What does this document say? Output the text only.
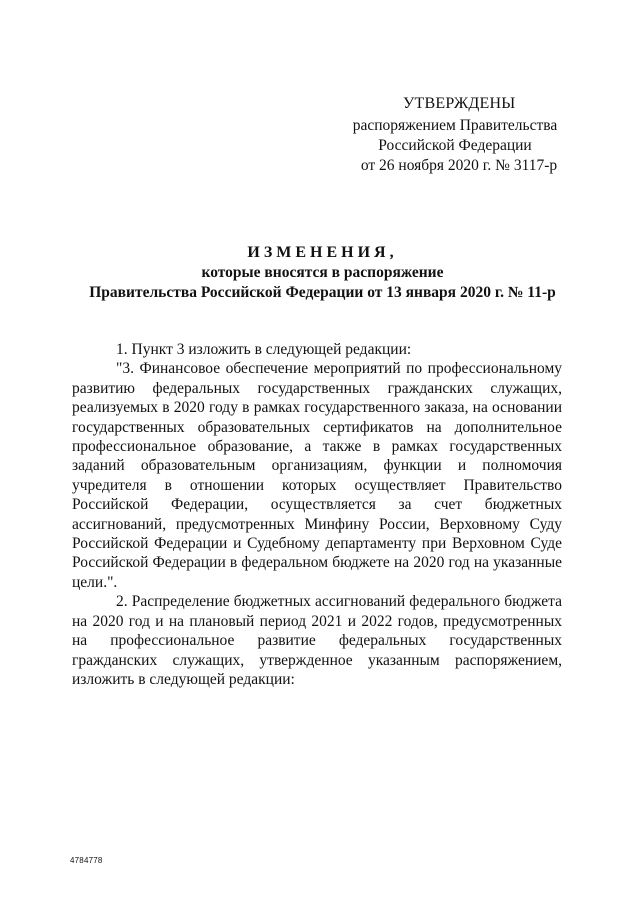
УТВЕРЖДЕНЫ
распоряжением Правительства
Российской Федерации
от 26 ноября 2020 г. № 3117-р
ИЗМЕНЕНИЯ,
которые вносятся в распоряжение
Правительства Российской Федерации от 13 января 2020 г. № 11-р

1. Пункт 3 изложить в следующей редакции:

"3. Финансовое обеспечение мероприятий по профессиональному развитию федеральных государственных гражданских служащих, реализуемых в 2020 году в рамках государственного заказа, на основании государственных образовательных сертификатов на дополнительное профессиональное образование, а также в рамках государственных заданий образовательным организациям, функции и полномочия учредителя в отношении которых осуществляет Правительство Российской Федерации, осуществляется за счет бюджетных ассигнований, предусмотренных Минфину России, Верховному Суду Российской Федерации и Судебному департаменту при Верховном Суде Российской Федерации в федеральном бюджете на 2020 год на указанные цели.".

2. Распределение бюджетных ассигнований федерального бюджета на 2020 год и на плановый период 2021 и 2022 годов, предусмотренных на профессиональное развитие федеральных государственных гражданских служащих, утвержденное указанным распоряжением, изложить в следующей редакции:

4784778
